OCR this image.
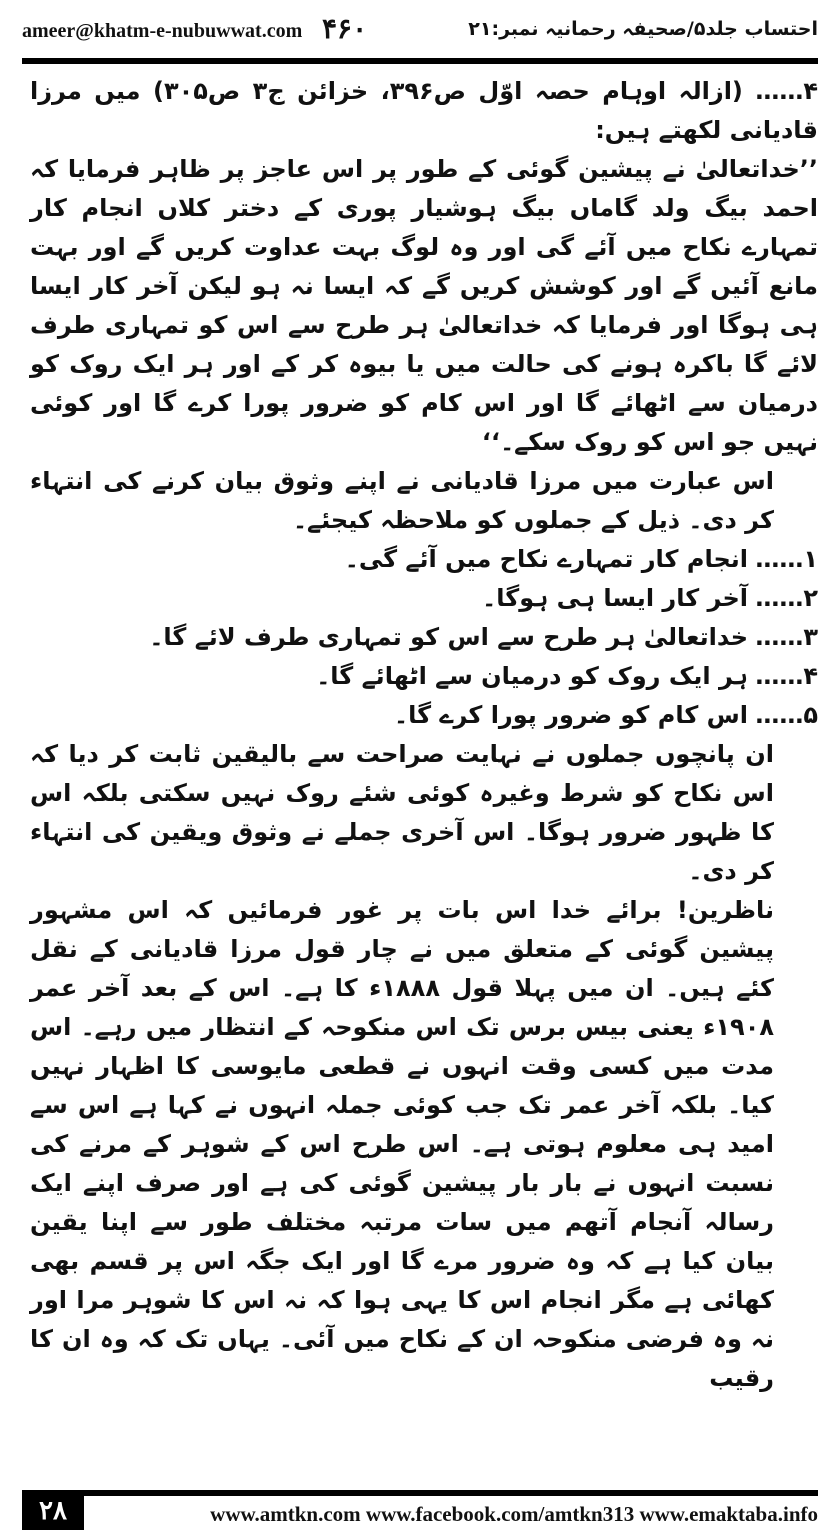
ameer@khatm-e-nubuwwat.com ۴۶۰	احتساب جلد۵/صحیفہ رحمانیہ نمبر:۲۱

۴…… (ازالہ اوہام حصہ اوّل ص۳۹۶، خزائن ج۳ ص۳۰۵) میں مرزا قادیانی لکھتے ہیں:

’’خداتعالیٰ نے پیشین گوئی کے طور پر اس عاجز پر ظاہر فرمایا کہ احمد بیگ ولد گاماں بیگ ہوشیار پوری کے دختر کلاں انجام کار تمہارے نکاح میں آئے گی اور وہ لوگ بہت عداوت کریں گے اور بہت مانع آئیں گے اور کوشش کریں گے کہ ایسا نہ ہو لیکن آخر کار ایسا ہی ہوگا اور فرمایا کہ خداتعالیٰ ہر طرح سے اس کو تمہاری طرف لائے گا باکرہ ہونے کی حالت میں یا بیوہ کر کے اور ہر ایک روک کو درمیان سے اٹھائے گا اور اس کام کو ضرور پورا کرے گا اور کوئی نہیں جو اس کو روک سکے۔‘‘

اس عبارت میں مرزا قادیانی نے اپنے وثوق بیان کرنے کی انتہاء کر دی۔ ذیل کے جملوں کو ملاحظہ کیجئے۔

۱……
انجام کار تمہارے نکاح میں آئے گی۔
۲……
آخر کار ایسا ہی ہوگا۔
۳……
خداتعالیٰ ہر طرح سے اس کو تمہاری طرف لائے گا۔
۴……
ہر ایک روک کو درمیان سے اٹھائے گا۔
۵……
اس کام کو ضرور پورا کرے گا۔

ان پانچوں جملوں نے نہایت صراحت سے بالیقین ثابت کر دیا کہ اس نکاح کو شرط وغیرہ کوئی شئے روک نہیں سکتی بلکہ اس کا ظہور ضرور ہوگا۔ اس آخری جملے نے وثوق ویقین کی انتہاء کر دی۔

ناظرین! برائے خدا اس بات پر غور فرمائیں کہ اس مشہور پیشین گوئی کے متعلق میں نے چار قول مرزا قادیانی کے نقل کئے ہیں۔ ان میں پہلا قول ۱۸۸۸ء کا ہے۔ اس کے بعد آخر عمر ۱۹۰۸ء یعنی بیس برس تک اس منکوحہ کے انتظار میں رہے۔ اس مدت میں کسی وقت انہوں نے قطعی مایوسی کا اظہار نہیں کیا۔ بلکہ آخر عمر تک جب کوئی جملہ انہوں نے کہا ہے اس سے امید ہی معلوم ہوتی ہے۔ اس طرح اس کے شوہر کے مرنے کی نسبت انہوں نے بار بار پیشین گوئی کی ہے اور صرف اپنے ایک رسالہ آنجام آتھم میں سات مرتبہ مختلف طور سے اپنا یقین بیان کیا ہے کہ وہ ضرور مرے گا اور ایک جگہ اس پر قسم بھی کھائی ہے مگر انجام اس کا یہی ہوا کہ نہ اس کا شوہر مرا اور نہ وہ فرضی منکوحہ ان کے نکاح میں آئی۔ یہاں تک کہ وہ ان کا رقیب

۲۸	www.amtkn.com www.facebook.com/amtkn313 www.emaktaba.info
